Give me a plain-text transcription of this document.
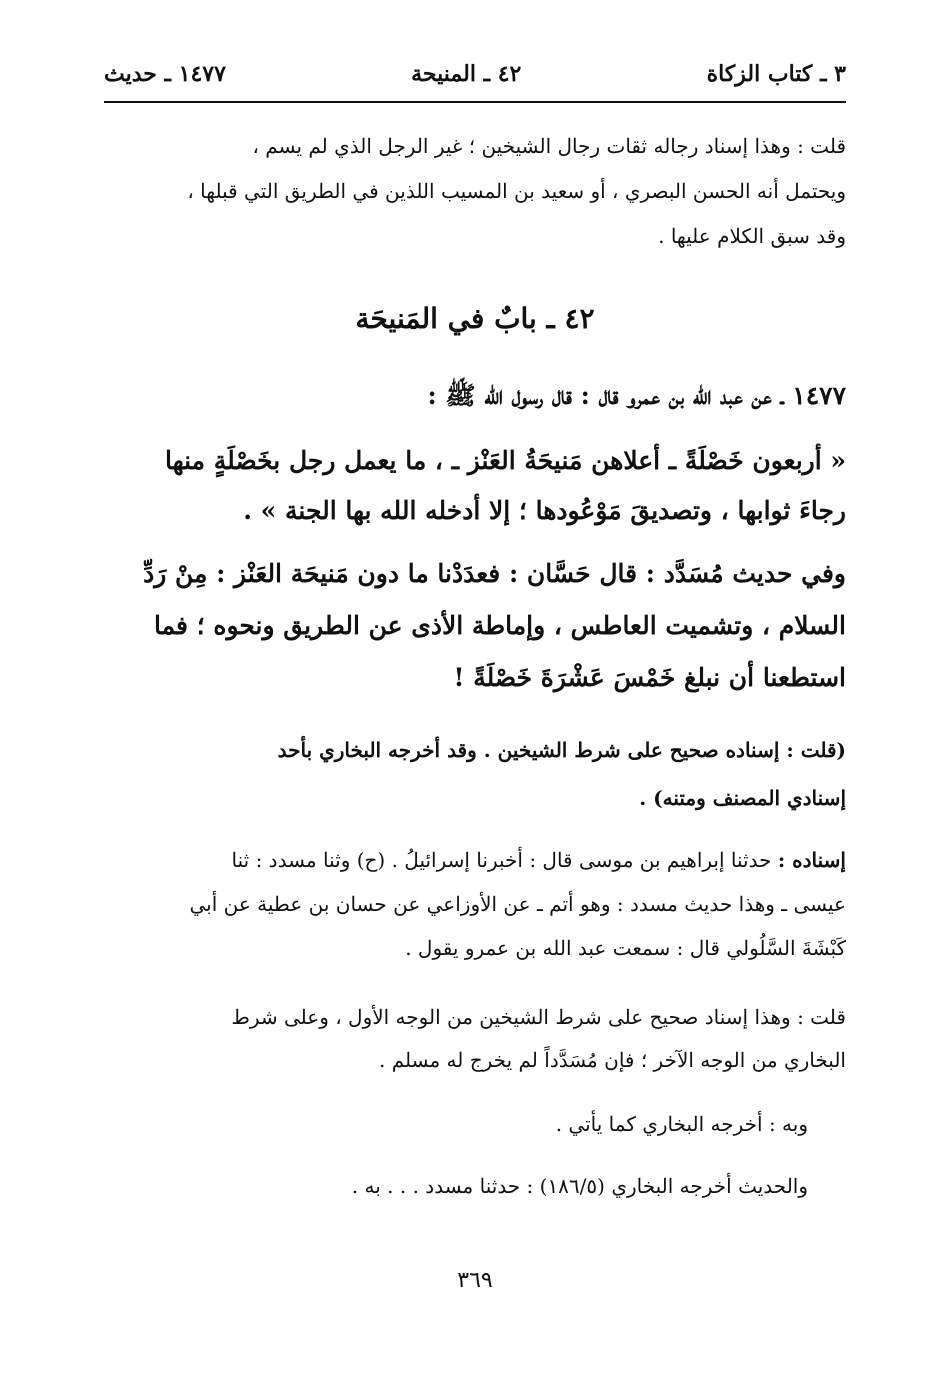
٣ ـ كتاب الزكاة
٤٢ ـ المنيحة
١٤٧٧ ـ حديث
قلت : وهذا إسناد رجاله ثقات رجال الشيخين ؛ غير الرجل الذي لم يسم ،
ويحتمل أنه الحسن البصري ، أو سعيد بن المسيب اللذين في الطريق التي قبلها ،
وقد سبق الكلام عليها .
٤٢ ـ بابٌ في المَنيحَة
١٤٧٧ ـ عن عبد الله بن عمرو قال : قال رسول الله ﷺ :
« أربعون خَصْلَةً ـ أعلاهن مَنيحَةُ العَنْز ـ ، ما يعمل رجل بخَصْلَةٍ منها
رجاءَ ثوابها ، وتصديقَ مَوْعُودها ؛ إلا أدخله الله بها الجنة » .
وفي حديث مُسَدَّد : قال حَسَّان : فعدَدْنا ما دون مَنيحَة العَنْز : مِنْ رَدِّ
السلام ، وتشميت العاطس ، وإماطة الأذى عن الطريق ونحوه ؛ فما
استطعنا أن نبلغ خَمْسَ عَشْرَةَ خَصْلَةً !
(قلت : إسناده صحيح على شرط الشيخين . وقد أخرجه البخاري بأحد
إسنادي المصنف ومتنه) .
إسناده : حدثنا إبراهيم بن موسى قال : أخبرنا إسرائيلُ . (ح) وثنا مسدد : ثنا
عيسى ـ وهذا حديث مسدد : وهو أتم ـ عن الأوزاعي عن حسان بن عطية عن أبي
كَبْشَةَ السَّلُولي قال : سمعت عبد الله بن عمرو يقول .
قلت : وهذا إسناد صحيح على شرط الشيخين من الوجه الأول ، وعلى شرط
البخاري من الوجه الآخر ؛ فإن مُسَدَّداً لم يخرج له مسلم .
وبه : أخرجه البخاري كما يأتي .
والحديث أخرجه البخاري (١٨٦/٥) : حدثنا مسدد . . . به .
٣٦٩
